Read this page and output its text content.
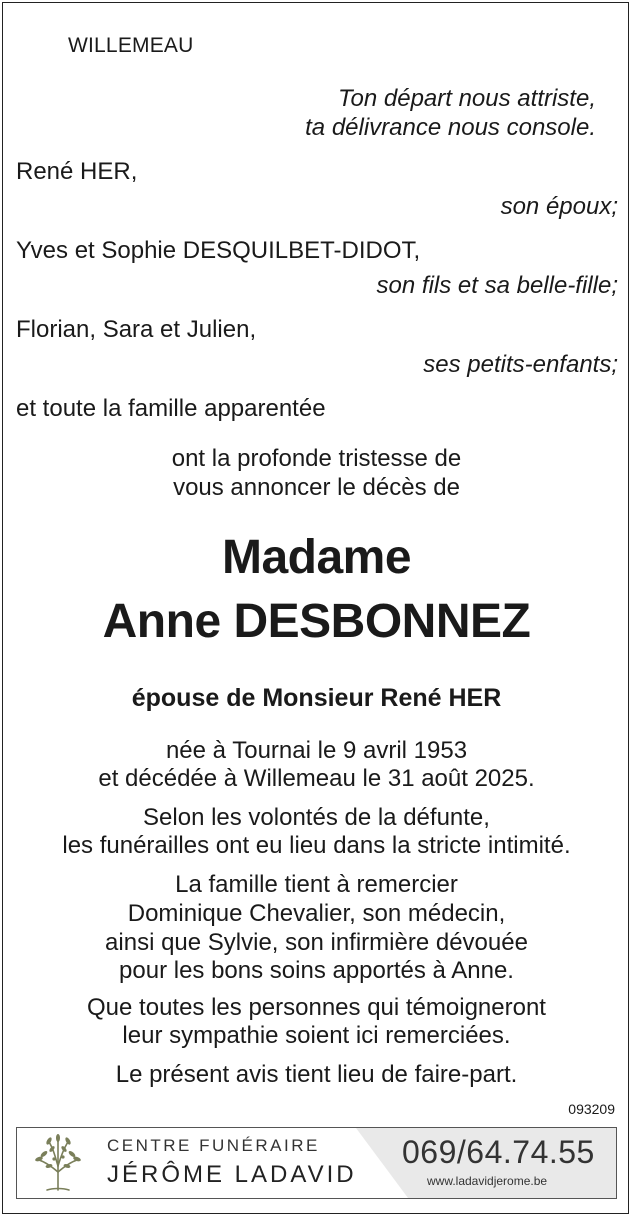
WILLEMEAU
Ton départ nous attriste,
ta délivrance nous console.
René HER,
son époux;
Yves et Sophie DESQUILBET-DIDOT,
son fils et sa belle-fille;
Florian, Sara et Julien,
ses petits-enfants;
et toute la famille apparentée
ont la profonde tristesse de
vous annoncer le décès de
Madame
Anne DESBONNEZ
épouse de Monsieur René HER
née à Tournai le 9 avril 1953
et décédée à Willemeau le 31 août 2025.
Selon les volontés de la défunte,
les funérailles ont eu lieu dans la stricte intimité.
La famille tient à remercier
Dominique Chevalier, son médecin,
ainsi que Sylvie, son infirmière dévouée
pour les bons soins apportés à Anne.
Que toutes les personnes qui témoigneront
leur sympathie soient ici remerciées.
Le présent avis tient lieu de faire-part.
093209
CENTRE FUNÉRAIRE
JÉRÔME LADAVID
069/64.74.55
www.ladavidjerome.be
